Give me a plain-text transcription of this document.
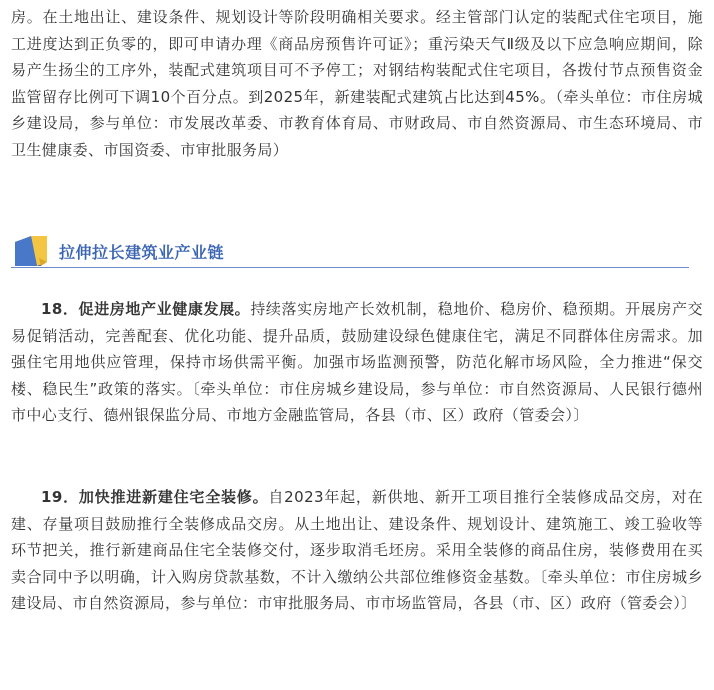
房。在土地出让、建设条件、规划设计等阶段明确相关要求。经主管部门认定的装配式住宅项目，施工进度达到正负零的，即可申请办理《商品房预售许可证》；重污染天气Ⅱ级及以下应急响应期间，除易产生扬尘的工序外，装配式建筑项目可不予停工；对钢结构装配式住宅项目，各拨付节点预售资金监管留存比例可下调10个百分点。到2025年，新建装配式建筑占比达到45%。（牵头单位：市住房城乡建设局，参与单位：市发展改革委、市教育体育局、市财政局、市自然资源局、市生态环境局、市卫生健康委、市国资委、市审批服务局）

拉伸拉长建筑业产业链

18．促进房地产业健康发展。持续落实房地产长效机制，稳地价、稳房价、稳预期。开展房产交易促销活动，完善配套、优化功能、提升品质，鼓励建设绿色健康住宅，满足不同群体住房需求。加强住宅用地供应管理，保持市场供需平衡。加强市场监测预警，防范化解市场风险，全力推进“保交楼、稳民生”政策的落实。〔牵头单位：市住房城乡建设局，参与单位：市自然资源局、人民银行德州市中心支行、德州银保监分局、市地方金融监管局，各县（市、区）政府（管委会）〕

19．加快推进新建住宅全装修。自2023年起，新供地、新开工项目推行全装修成品交房，对在建、存量项目鼓励推行全装修成品交房。从土地出让、建设条件、规划设计、建筑施工、竣工验收等环节把关，推行新建商品住宅全装修交付，逐步取消毛坯房。采用全装修的商品住房，装修费用在买卖合同中予以明确，计入购房贷款基数，不计入缴纳公共部位维修资金基数。〔牵头单位：市住房城乡建设局、市自然资源局，参与单位：市审批服务局、市市场监管局，各县（市、区）政府（管委会）〕
